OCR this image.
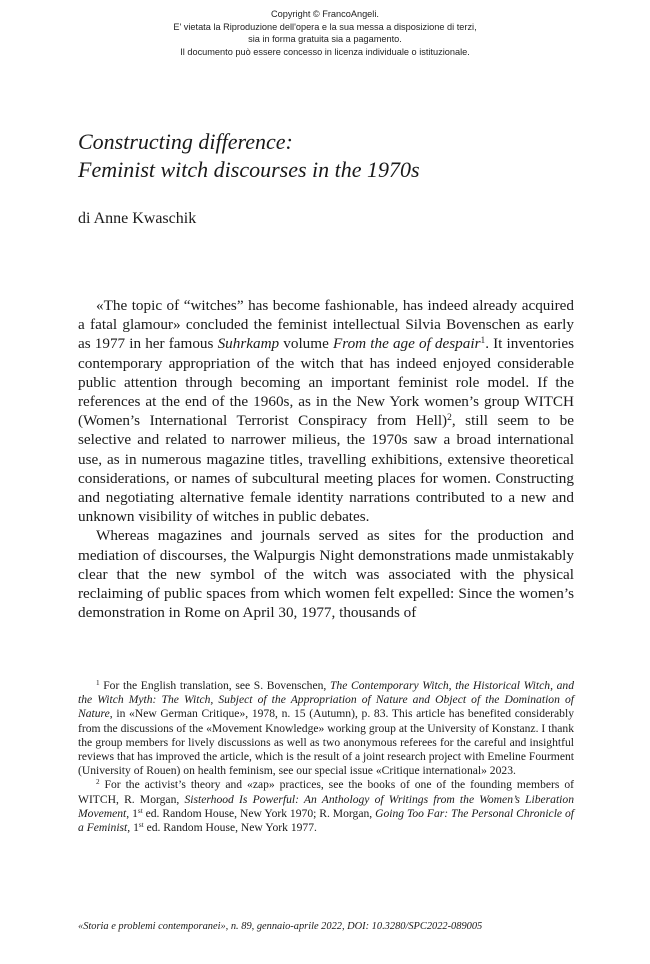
Copyright © FrancoAngeli.
E' vietata la Riproduzione dell'opera e la sua messa a disposizione di terzi,
sia in forma gratuita sia a pagamento.
Il documento può essere concesso in licenza individuale o istituzionale.
Constructing difference:
Feminist witch discourses in the 1970s
di Anne Kwaschik

«The topic of “witches” has become fashionable, has indeed already acquired a fatal glamour» concluded the feminist intellectual Silvia Bovenschen as early as 1977 in her famous Suhrkamp volume From the age of despair$^1$. It inventories contemporary appropriation of the witch that has indeed enjoyed considerable public attention through becoming an important feminist role model. If the references at the end of the 1960s, as in the New York women’s group WITCH (Women’s International Terrorist Conspiracy from Hell)$^2$, still seem to be selective and related to narrower milieus, the 1970s saw a broad international use, as in numerous magazine titles, travelling exhibitions, extensive theoretical considerations, or names of subcultural meeting places for women. Constructing and negotiating alternative female identity narrations contributed to a new and unknown visibility of witches in public debates.

Whereas magazines and journals served as sites for the production and mediation of discourses, the Walpurgis Night demonstrations made unmistakably clear that the new symbol of the witch was associated with the physical reclaiming of public spaces from which women felt expelled: Since the women’s demonstration in Rome on April 30, 1977, thousands of

$^1$ For the English translation, see S. Bovenschen, The Contemporary Witch, the Historical Witch, and the Witch Myth: The Witch, Subject of the Appropriation of Nature and Object of the Domination of Nature, in «New German Critique», 1978, n. 15 (Autumn), p. 83. This article has benefited considerably from the discussions of the «Movement Knowledge» working group at the University of Konstanz. I thank the group members for lively discussions as well as two anonymous referees for the careful and insightful reviews that has improved the article, which is the result of a joint research project with Emeline Fourment (University of Rouen) on health feminism, see our special issue «Critique international» 2023.

$^2$ For the activist’s theory and «zap» practices, see the books of one of the founding members of WITCH, R. Morgan, Sisterhood Is Powerful: An Anthology of Writings from the Women’s Liberation Movement, 1st ed. Random House, New York 1970; R. Morgan, Going Too Far: The Personal Chronicle of a Feminist, 1st ed. Random House, New York 1977.

«Storia e problemi contemporanei», n. 89, gennaio-aprile 2022, DOI: 10.3280/SPC2022-089005
